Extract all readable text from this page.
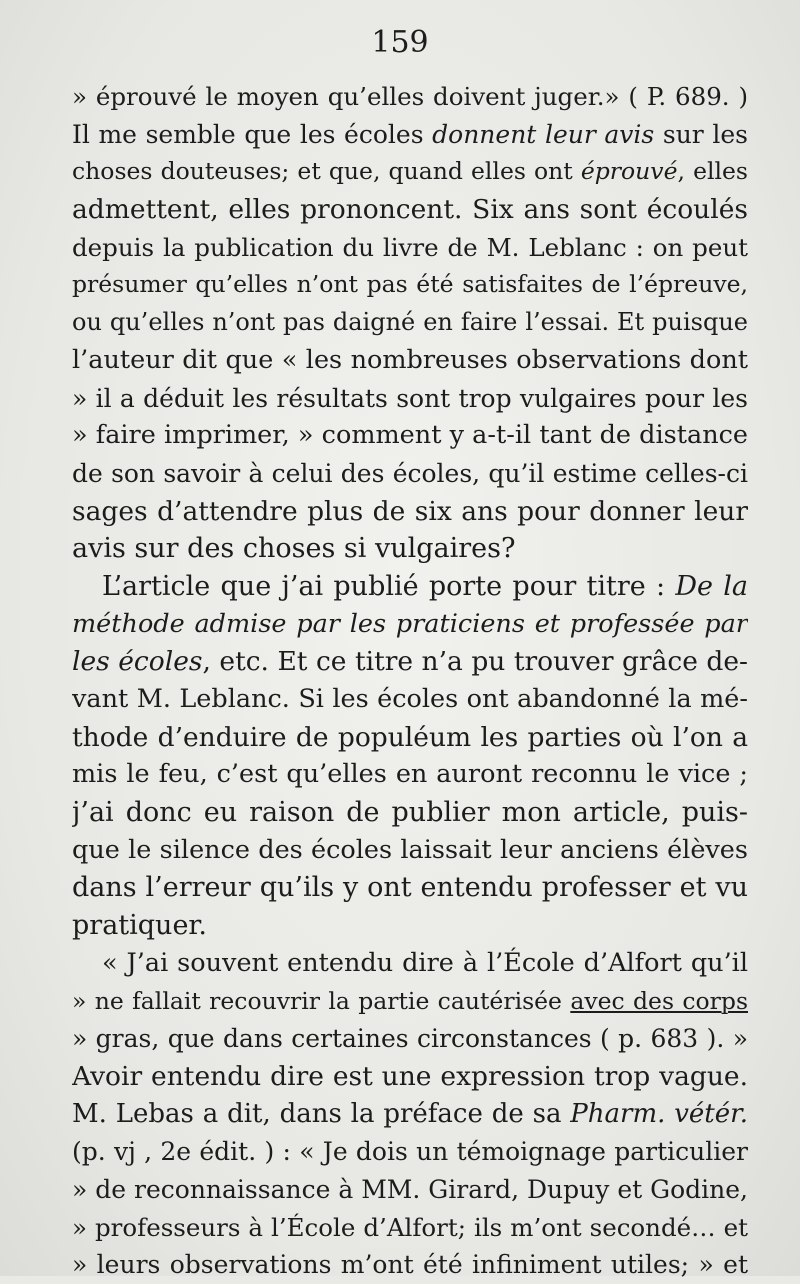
159
» éprouvé le moyen qu’elles doivent juger.» ( P. 689. )
Il me semble que les écoles donnent leur avis sur les
choses douteuses; et que, quand elles ont éprouvé, elles
admettent, elles prononcent. Six ans sont écoulés
depuis la publication du livre de M. Leblanc : on peut
présumer qu’elles n’ont pas été satisfaites de l’épreuve,
ou qu’elles n’ont pas daigné en faire l’essai. Et puisque
l’auteur dit que « les nombreuses observations dont
» il a déduit les résultats sont trop vulgaires pour les
» faire imprimer, » comment y a-t-il tant de distance
de son savoir à celui des écoles, qu’il estime celles-ci
sages d’attendre plus de six ans pour donner leur
avis sur des choses si vulgaires?
L’article que j’ai publié porte pour titre : De la
méthode admise par les praticiens et professée par
les écoles, etc. Et ce titre n’a pu trouver grâce de-
vant M. Leblanc. Si les écoles ont abandonné la mé-
thode d’enduire de populéum les parties où l’on a
mis le feu, c’est qu’elles en auront reconnu le vice ;
j’ai donc eu raison de publier mon article, puis-
que le silence des écoles laissait leur anciens élèves
dans l’erreur qu’ils y ont entendu professer et vu
pratiquer.
« J’ai souvent entendu dire à l’École d’Alfort qu’il
» ne fallait recouvrir la partie cautérisée avec des corps
» gras, que dans certaines circonstances ( p. 683 ). »
Avoir entendu dire est une expression trop vague.
M. Lebas a dit, dans la préface de sa Pharm. vétér.
(p. vj , 2e édit. ) : « Je dois un témoignage particulier
» de reconnaissance à MM. Girard, Dupuy et Godine,
» professeurs à l’École d’Alfort; ils m’ont secondé… et
» leurs observations m’ont été infiniment utiles; » et
